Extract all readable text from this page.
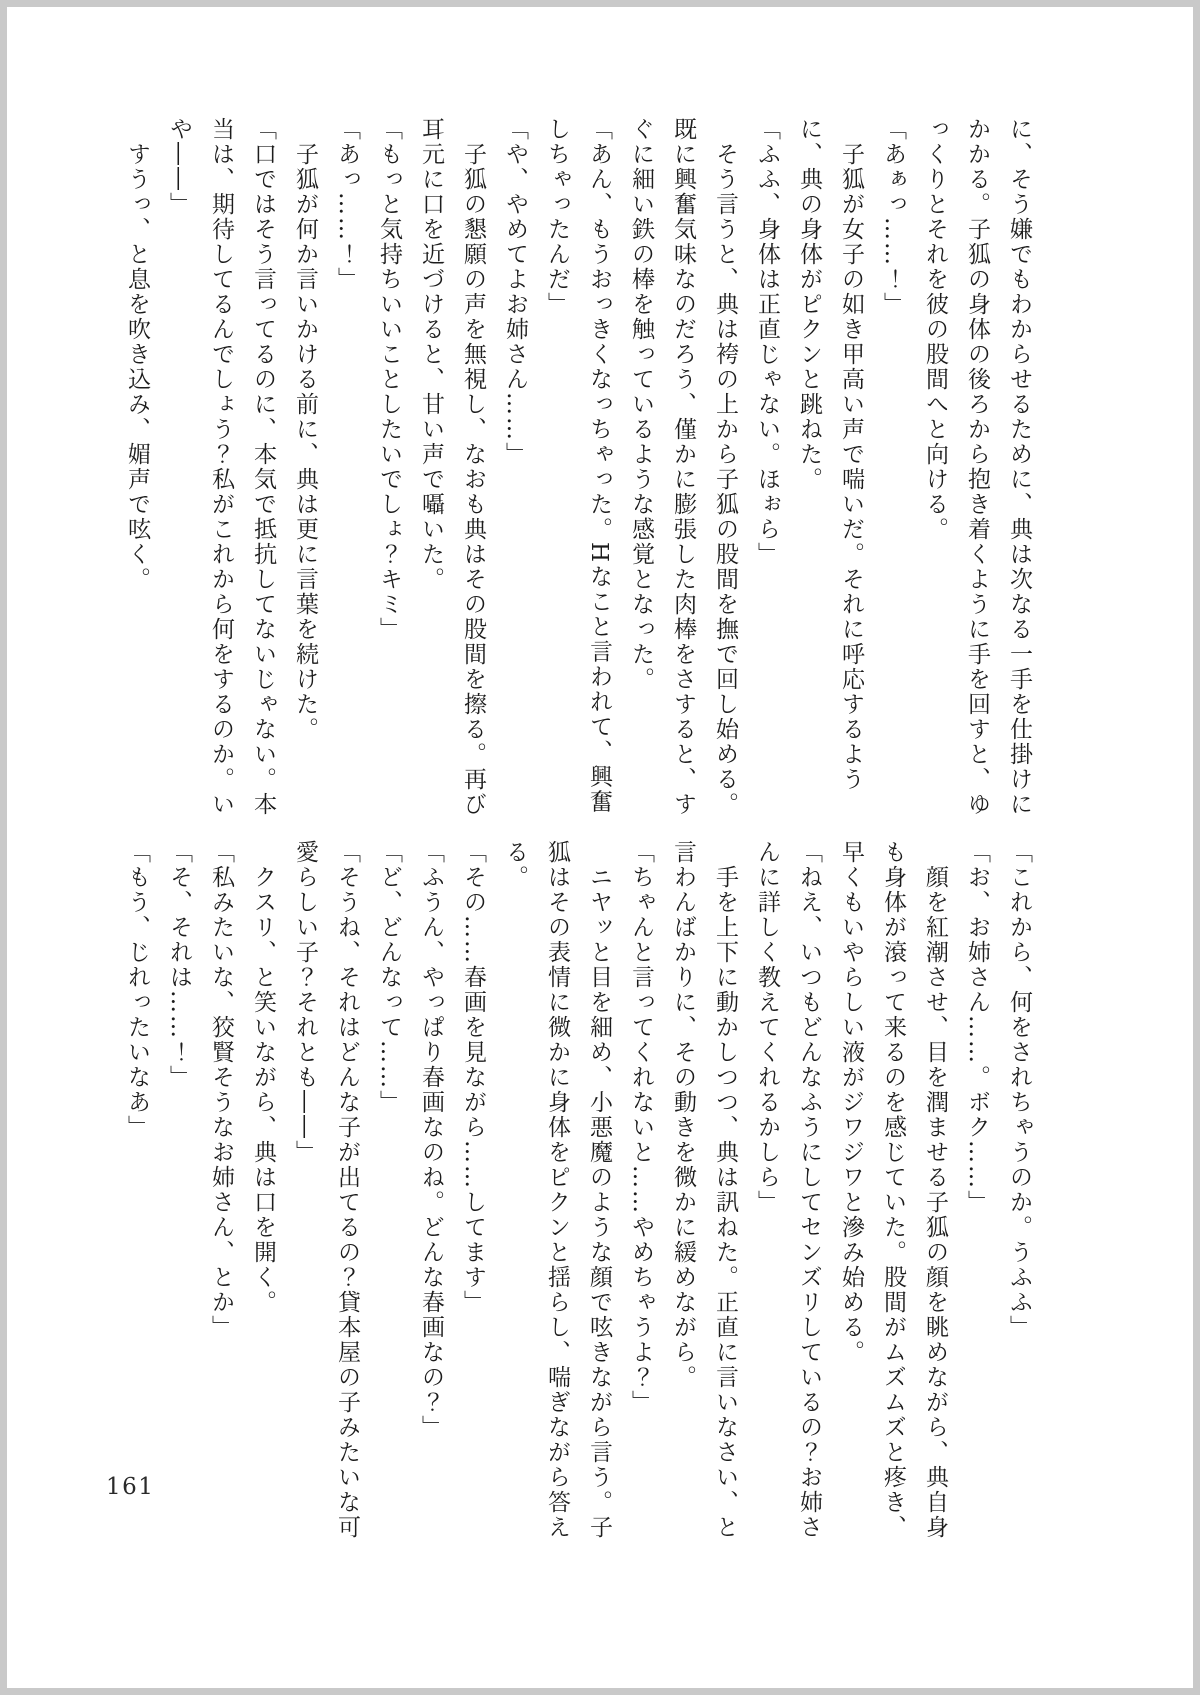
に、そう嫌でもわからせるために、典は次なる一手を仕掛けに
かかる。子狐の身体の後ろから抱き着くように手を回すと、ゆ
っくりとそれを彼の股間へと向ける。
「あぁっ……！」
　子狐が女子の如き甲高い声で喘いだ。それに呼応するよう
に、典の身体がピクンと跳ねた。
「ふふ、身体は正直じゃない。ほぉら」
　そう言うと、典は袴の上から子狐の股間を撫で回し始める。
既に興奮気味なのだろう、僅かに膨張した肉棒をさすると、す
ぐに細い鉄の棒を触っているような感覚となった。
「あん、もうおっきくなっちゃった。Hなこと言われて、興奮
しちゃったんだ」
「や、やめてよお姉さん……」
　子狐の懇願の声を無視し、なおも典はその股間を擦る。再び
耳元に口を近づけると、甘い声で囁いた。
「もっと気持ちいいことしたいでしょ？キミ」
「あっ……！」
　子狐が何か言いかける前に、典は更に言葉を続けた。
「口ではそう言ってるのに、本気で抵抗してないじゃない。本
当は、期待してるんでしょう？私がこれから何をするのか。い
や――」
　すうっ、と息を吹き込み、媚声で呟く。
「これから、何をされちゃうのか。うふふ」
「お、お姉さん……。ボク……」
　顔を紅潮させ、目を潤ませる子狐の顔を眺めながら、典自身
も身体が滾って来るのを感じていた。股間がムズムズと疼き、
早くもいやらしい液がジワジワと滲み始める。
「ねえ、いつもどんなふうにしてセンズリしているの？お姉さ
んに詳しく教えてくれるかしら」
　手を上下に動かしつつ、典は訊ねた。正直に言いなさい、と
言わんばかりに、その動きを微かに緩めながら。
「ちゃんと言ってくれないと……やめちゃうよ？」
　ニヤッと目を細め、小悪魔のような顔で呟きながら言う。子
狐はその表情に微かに身体をピクンと揺らし、喘ぎながら答え
る。
「その……春画を見ながら……してます」
「ふうん、やっぱり春画なのね。どんな春画なの？」
「ど、どんなって……」
「そうね、それはどんな子が出てるの？貸本屋の子みたいな可
愛らしい子？それとも――」
　クスリ、と笑いながら、典は口を開く。
「私みたいな、狡賢そうなお姉さん、とか」
「そ、それは……！」
「もう、じれったいなあ」
161
